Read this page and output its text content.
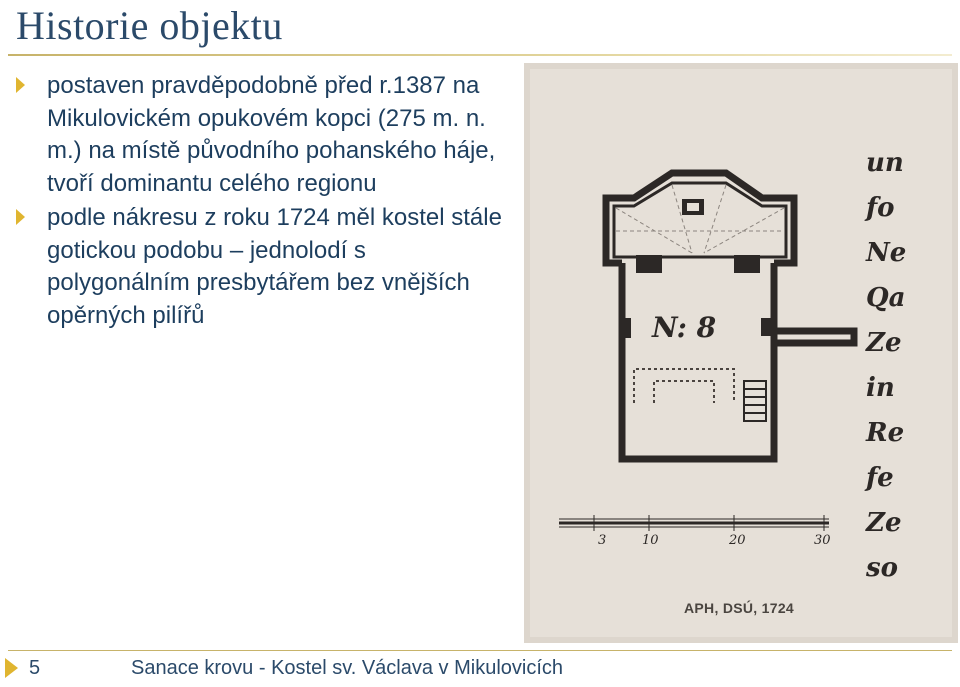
Historie objektu
postaven pravděpodobně před r.1387 na Mikulovickém opukovém kopci (275 m. n. m.) na místě původního pohanského háje, tvoří dominantu celého regionu
podle nákresu z roku 1724 měl kostel stále gotickou podobu – jednolodí s polygonálním presbytářem bez vnějších opěrných pilířů	N: 8
3	10	20	30
un
fo
Ne
Qa
Ze
in
Re
fe
Ze
so
APH, DSÚ, 1724
5	Sanace krovu - Kostel sv. Václava v Mikulovicích
